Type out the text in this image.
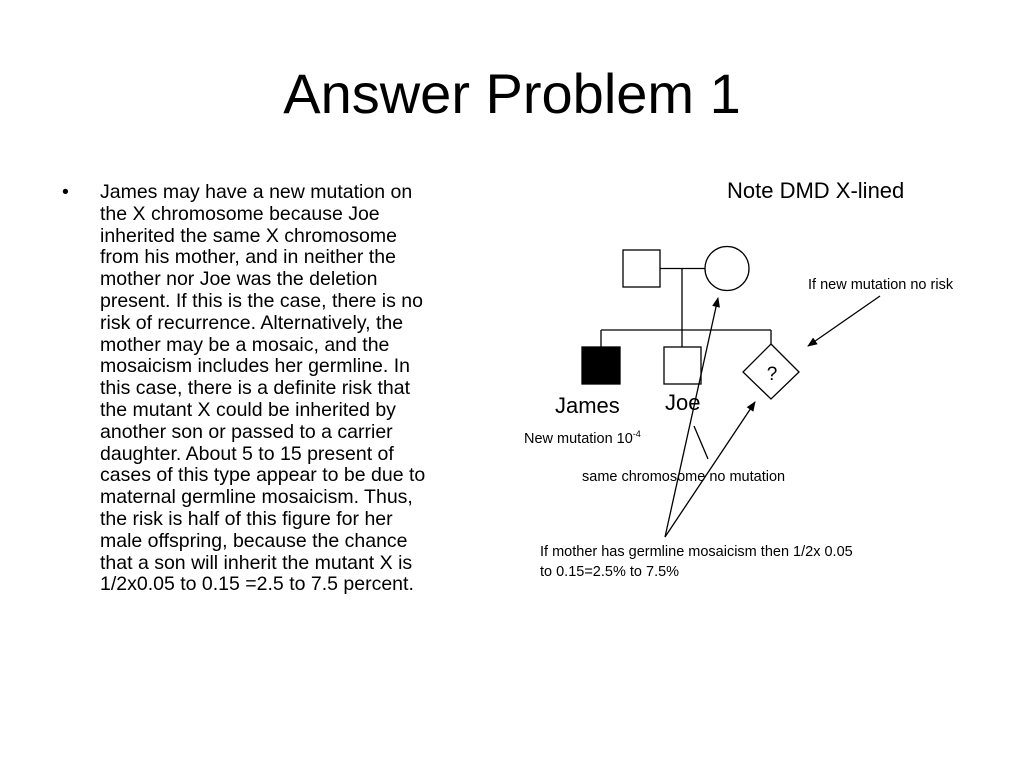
Answer Problem 1
• James may have a new mutation on
the X chromosome because Joe
inherited the same X chromosome
from his mother, and in neither the
mother nor Joe was the deletion
present. If this is the case, there is no
risk of recurrence. Alternatively, the
mother may be a mosaic, and the
mosaicism includes her germline. In
this case, there is a definite risk that
the mutant X could be inherited by
another son or passed to a carrier
daughter. About 5 to 15 present of
cases of this type appear to be due to
maternal germline mosaicism. Thus,
the risk is half of this figure for her
male offspring, because the chance
that a son will inherit the mutant X is
1/2x0.05 to 0.15 =2.5 to 7.5 percent.
?
Note DMD X-lined
If new mutation no risk
James Joe
New mutation $10^{-4}$
same chromosome no mutation
If mother has germline mosaicism then 1/2x 0.05
to 0.15=2.5% to 7.5%
